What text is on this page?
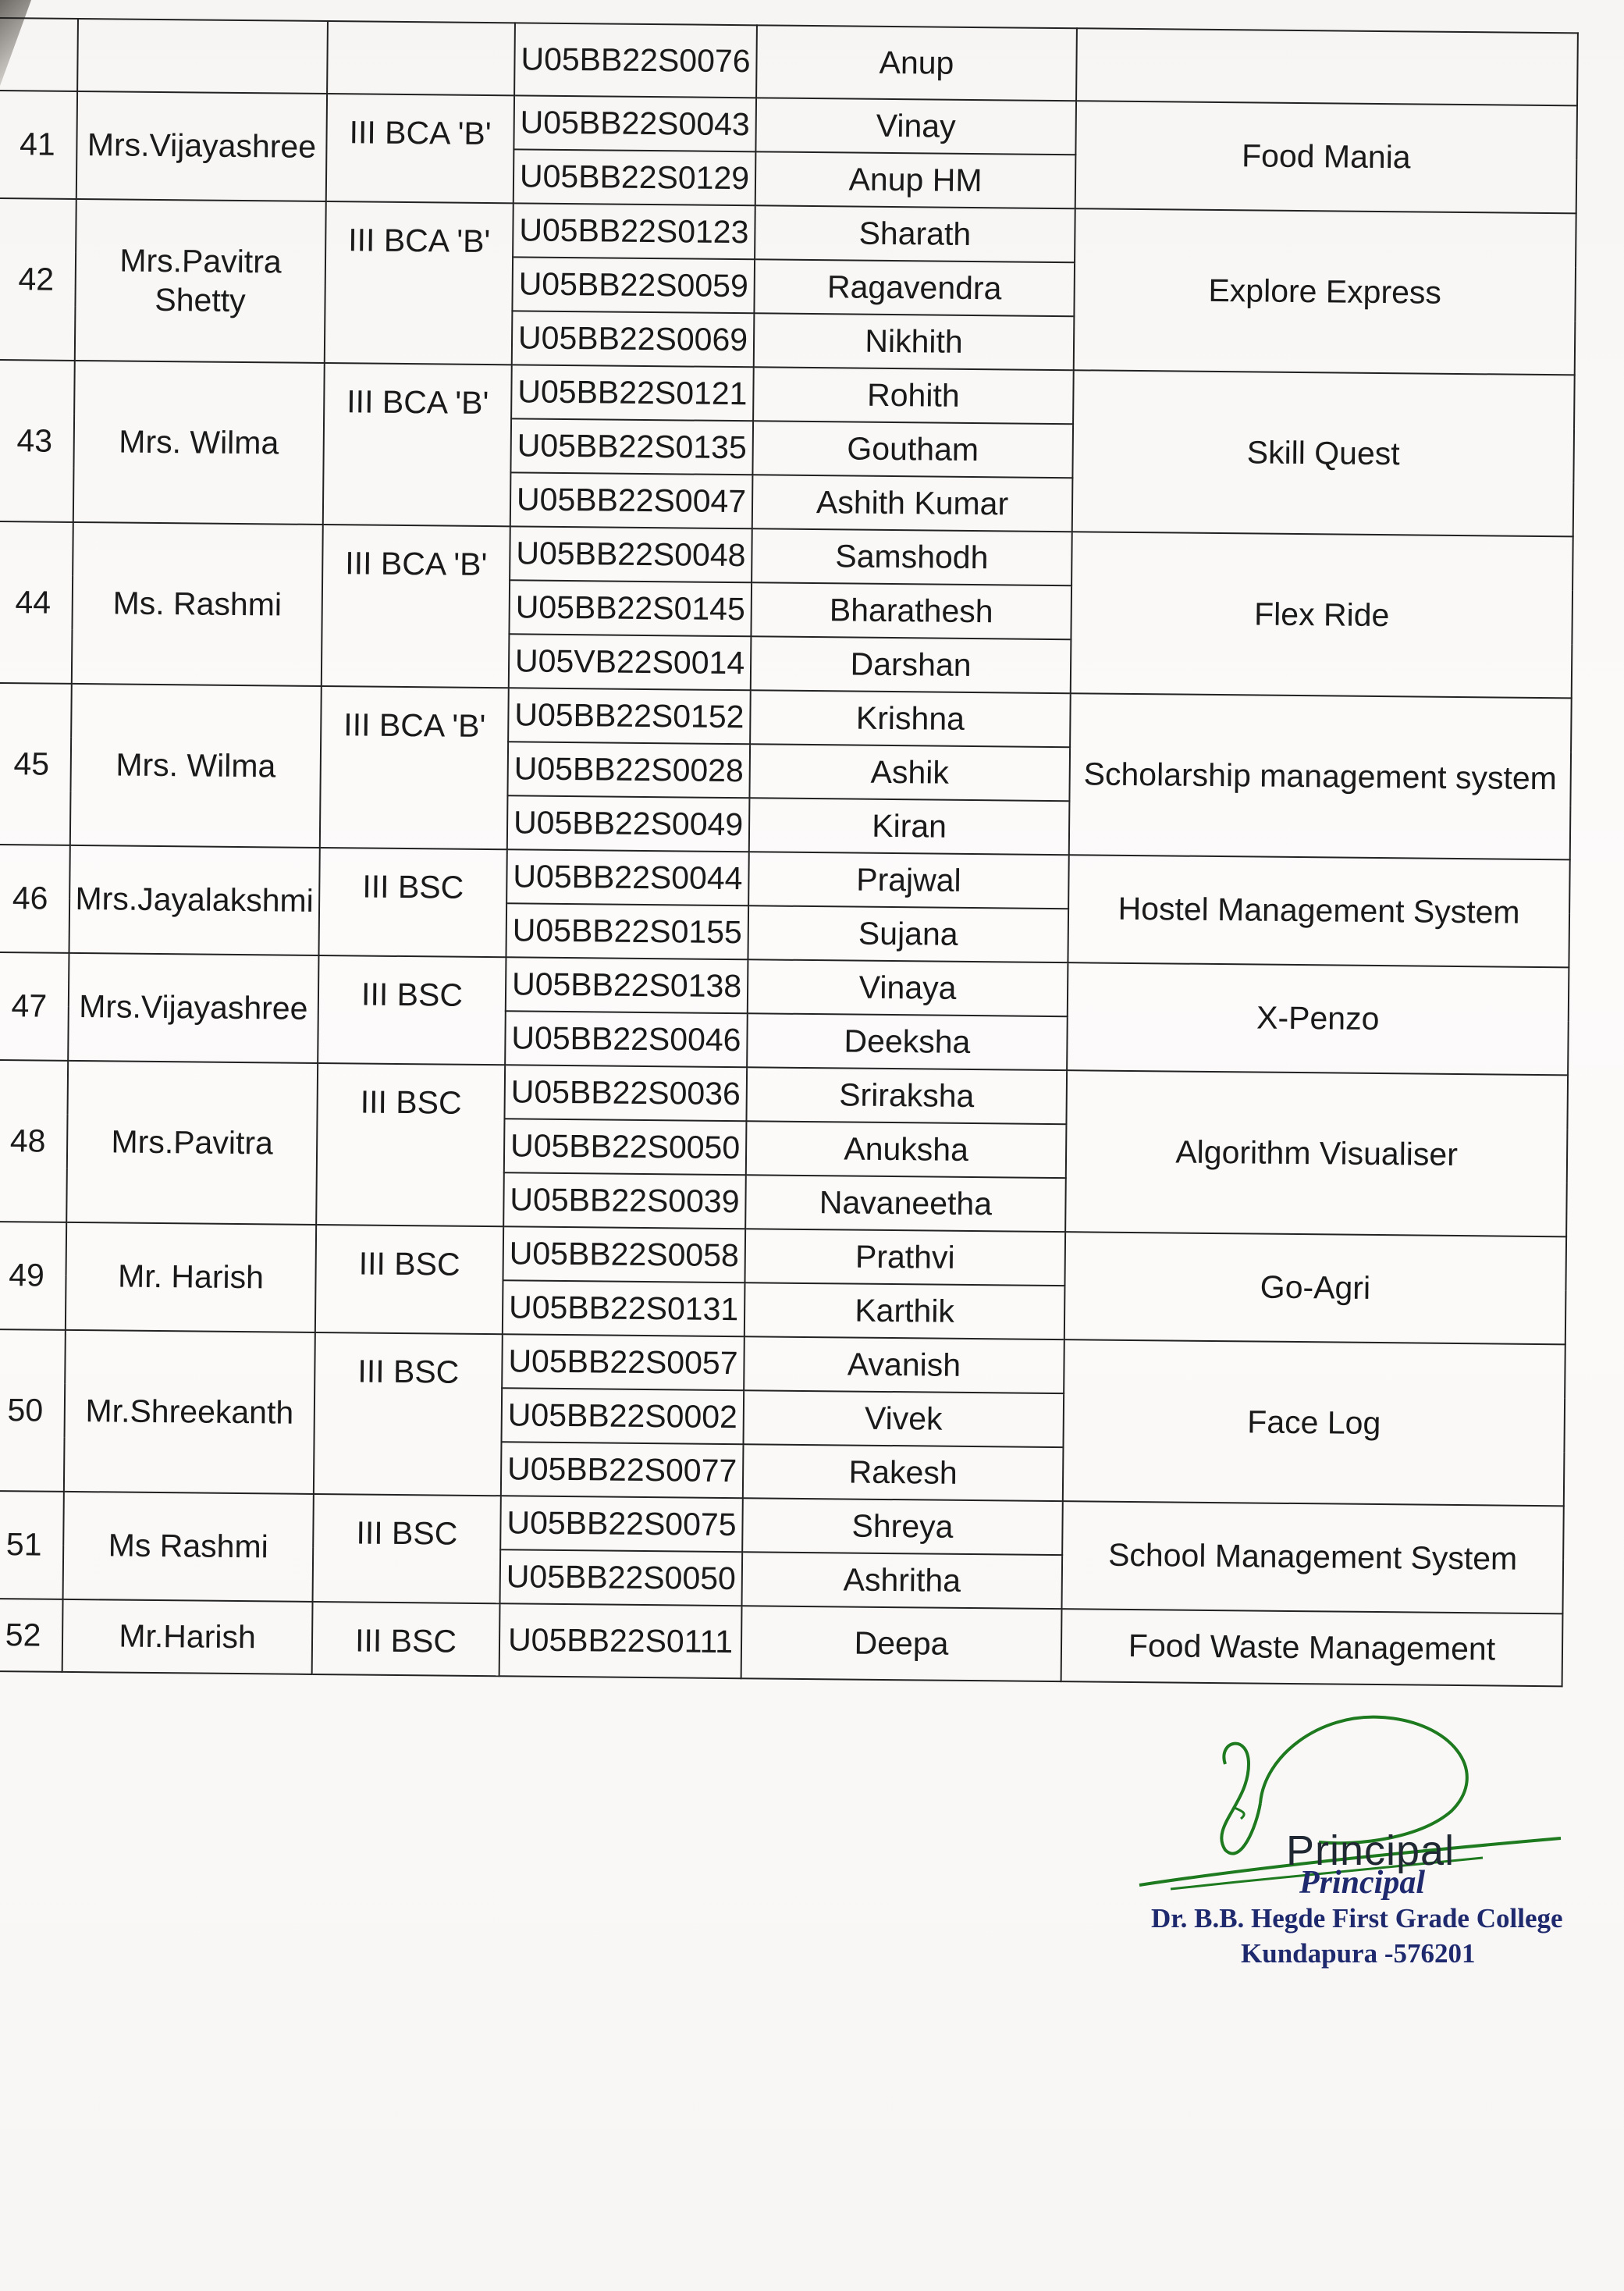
			U05BB22S0076	Anup	
41	Mrs.Vijayashree	III BCA 'B'	U05BB22S0043	Vinay	Food Mania
			U05BB22S0129	Anup HM	
42	Mrs.Pavitra Shetty	III BCA 'B'	U05BB22S0123	Sharath	Explore Express
			U05BB22S0059	Ragavendra	
			U05BB22S0069	Nikhith	
43	Mrs. Wilma	III BCA 'B'	U05BB22S0121	Rohith	Skill Quest
			U05BB22S0135	Goutham	
			U05BB22S0047	Ashith Kumar	
44	Ms. Rashmi	III BCA 'B'	U05BB22S0048	Samshodh	Flex Ride
			U05BB22S0145	Bharathesh	
			U05VB22S0014	Darshan	
45	Mrs. Wilma	III BCA 'B'	U05BB22S0152	Krishna	Scholarship management system
			U05BB22S0028	Ashik	
			U05BB22S0049	Kiran	
46	Mrs.Jayalakshmi	III BSC	U05BB22S0044	Prajwal	Hostel Management System
			U05BB22S0155	Sujana	
47	Mrs.Vijayashree	III BSC	U05BB22S0138	Vinaya	X-Penzo
			U05BB22S0046	Deeksha	
48	Mrs.Pavitra	III BSC	U05BB22S0036	Sriraksha	Algorithm Visualiser
			U05BB22S0050	Anuksha	
			U05BB22S0039	Navaneetha	
49	Mr. Harish	III BSC	U05BB22S0058	Prathvi	Go-Agri
			U05BB22S0131	Karthik	
50	Mr.Shreekanth	III BSC	U05BB22S0057	Avanish	Face Log
			U05BB22S0002	Vivek	
			U05BB22S0077	Rakesh	
51	Ms Rashmi	III BSC	U05BB22S0075	Shreya	School Management System
			U05BB22S0050	Ashritha	
52	Mr.Harish	III BSC	U05BB22S0111	Deepa	Food Waste Management
Principal
Principal
Dr. B.B. Hegde First Grade College
Kundapura -576201
